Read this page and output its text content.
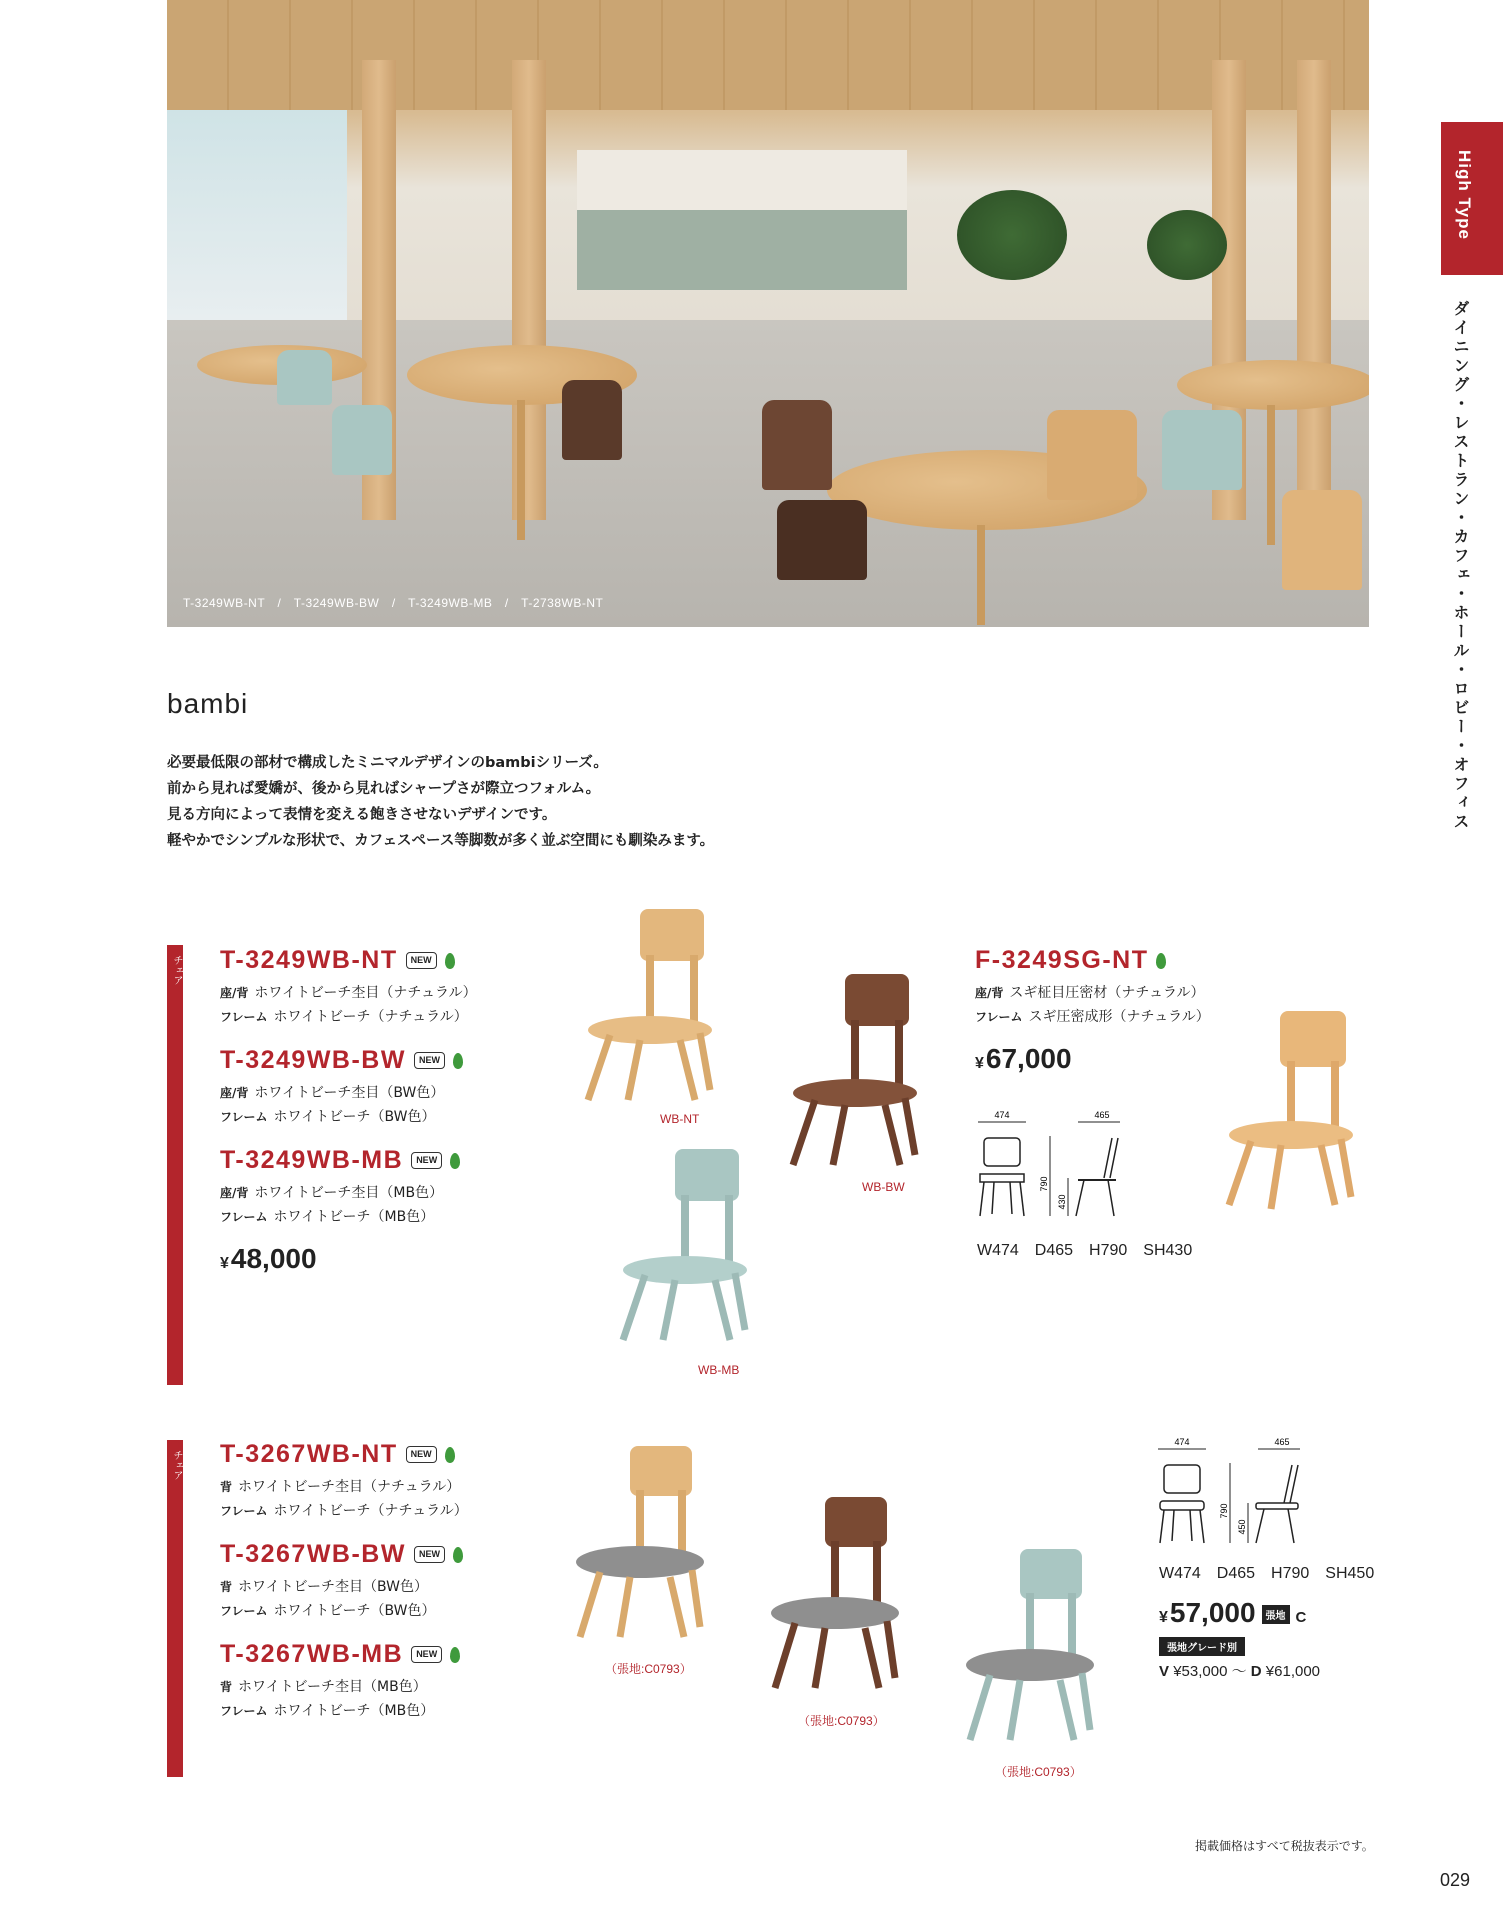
T-3249WB-NT　/　T-3249WB-BW　/　T-3249WB-MB　/　T-2738WB-NT
High Type
ダイニング・レストラン・カフェ・ホール・ロビー・オフィス
bambi
必要最低限の部材で構成したミニマルデザインのbambiシリーズ。
前から見れば愛嬌が、後から見ればシャープさが際立つフォルム。
見る方向によって表情を変える飽きさせないデザインです。
軽やかでシンプルな形状で、カフェスペース等脚数が多く並ぶ空間にも馴染みます。
チェア T-3249WB-NT	NEW
座/背 ホワイトビーチ杢目（ナチュラル）
フレーム ホワイトビーチ（ナチュラル）
T-3249WB-BW	NEW
座/背 ホワイトビーチ杢目（BW色）
フレーム ホワイトビーチ（BW色）
T-3249WB-MB	NEW
座/背 ホワイトビーチ杢目（MB色）
フレーム ホワイトビーチ（MB色）
¥48,000
WB-NT
WB-BW
WB-MB
F-3249SG-NT
座/背 スギ柾目圧密材（ナチュラル）
フレーム スギ圧密成形（ナチュラル）
¥67,000
474	465
790
430
W474　D465　H790　SH430
チェア T-3267WB-NT	NEW
背 ホワイトビーチ杢目（ナチュラル）
フレーム ホワイトビーチ（ナチュラル）
T-3267WB-BW	NEW
背 ホワイトビーチ杢目（BW色）
フレーム ホワイトビーチ（BW色）
T-3267WB-MB	NEW
背 ホワイトビーチ杢目（MB色）
フレーム ホワイトビーチ（MB色）
（張地:C0793）
（張地:C0793）
（張地:C0793）
474	465
790
450
W474　D465　H790　SH450
¥57,000 張地 C
張地グレード別
V ¥53,000 ～ D ¥61,000
掲載価格はすべて税抜表示です。
029
